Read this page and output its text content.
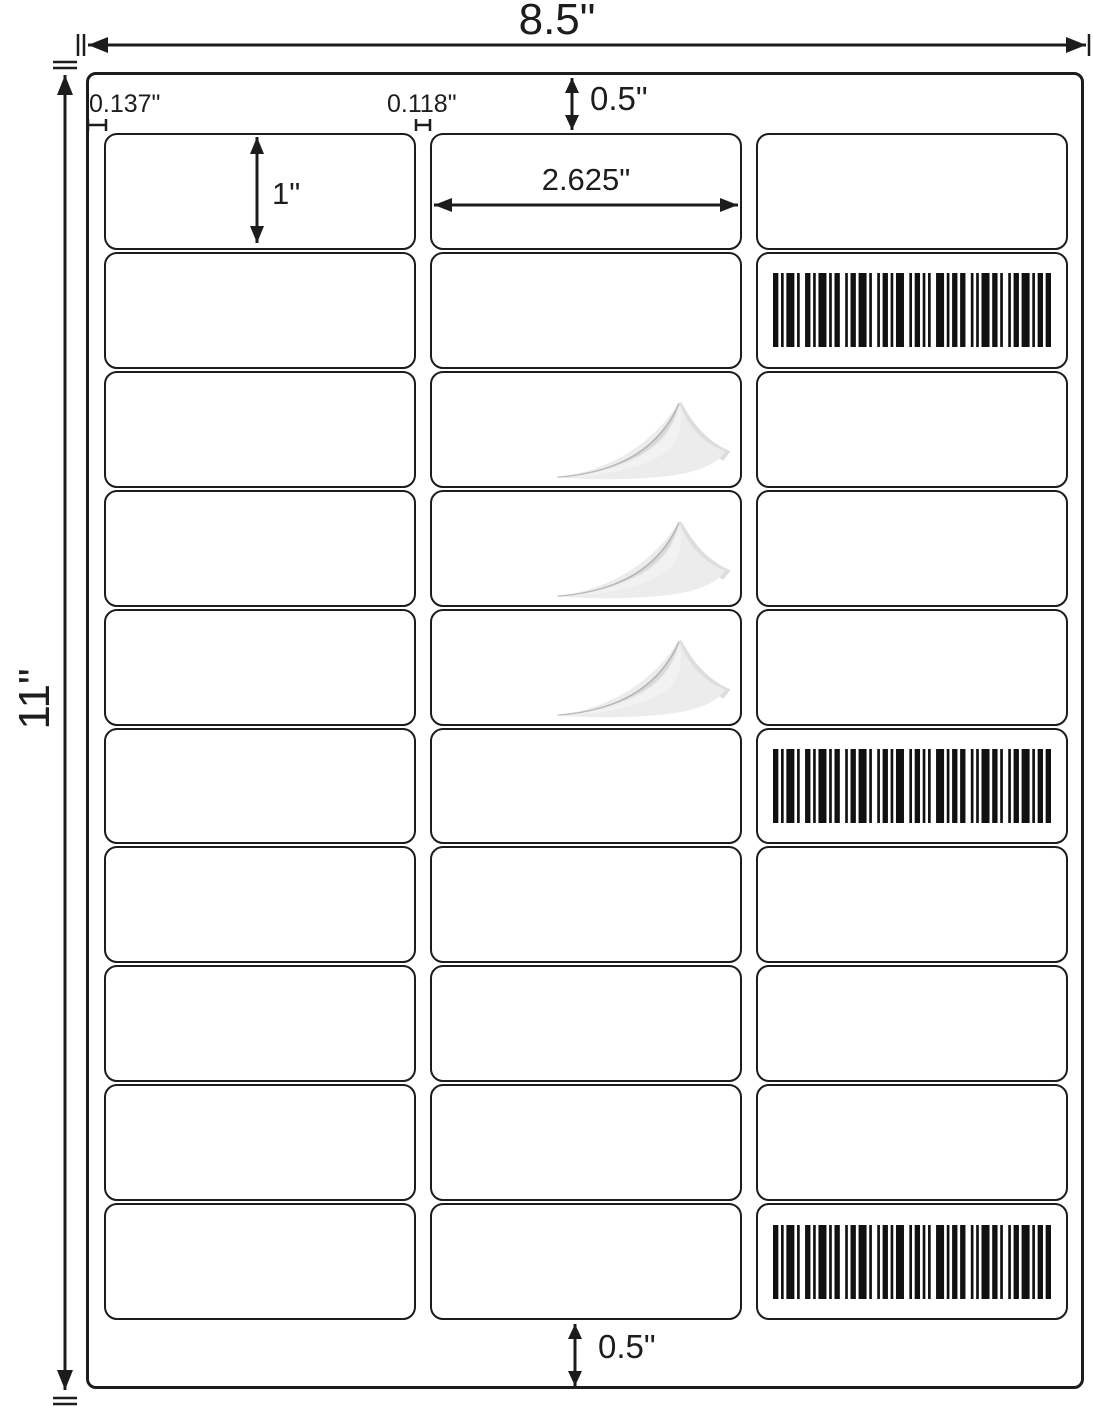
8.5"
11"
0.5"
0.5"
0.137"	0.118"
1"	2.625"
